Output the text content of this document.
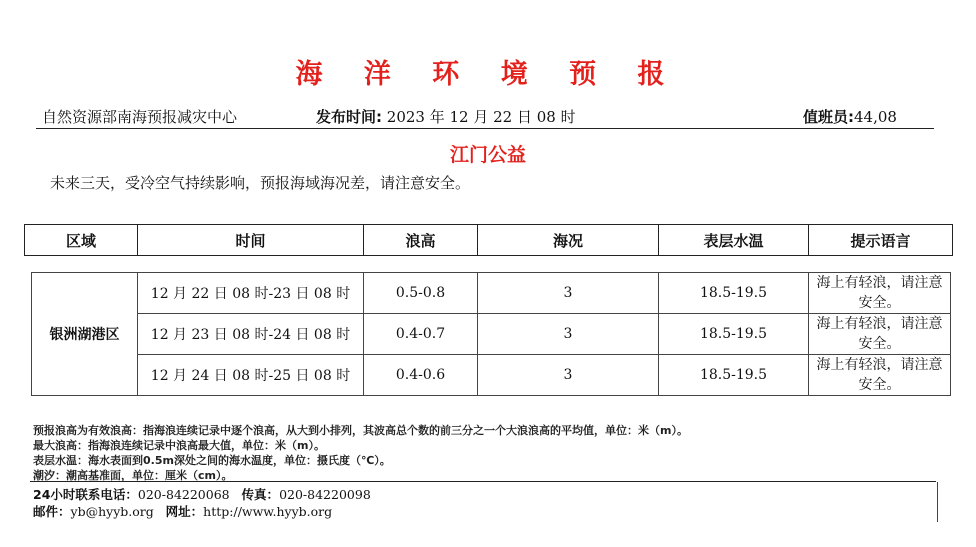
海 洋 环 境 预 报
自然资源部南海预报减灾中心	发布时间: 2023 年 12 月 22 日 08 时	值班员:44,08
江门公益
未来三天，受冷空气持续影响，预报海域海况差，请注意安全。
区域	时间	浪高	海况	表层水温	提示语言
银洲湖港区	12 月 22 日 08 时-23 日 08 时	0.5-0.8	3	18.5-19.5	海上有轻浪，请注意安全。
	12 月 23 日 08 时-24 日 08 时	0.4-0.7	3	18.5-19.5	海上有轻浪，请注意安全。
	12 月 24 日 08 时-25 日 08 时	0.4-0.6	3	18.5-19.5	海上有轻浪，请注意安全。
预报浪高为有效浪高：指海浪连续记录中逐个浪高，从大到小排列，其波高总个数的前三分之一个大浪浪高的平均值，单位：米（m）。
最大浪高：指海浪连续记录中浪高最大值，单位：米（m）。
表层水温：海水表面到0.5m深处之间的海水温度，单位：摄氏度（℃）。
潮汐：潮高基准面，单位：厘米（cm）。
24小时联系电话：020-84220068 传真：020-84220098
邮件：yb@hyyb.org 网址：http://www.hyyb.org
